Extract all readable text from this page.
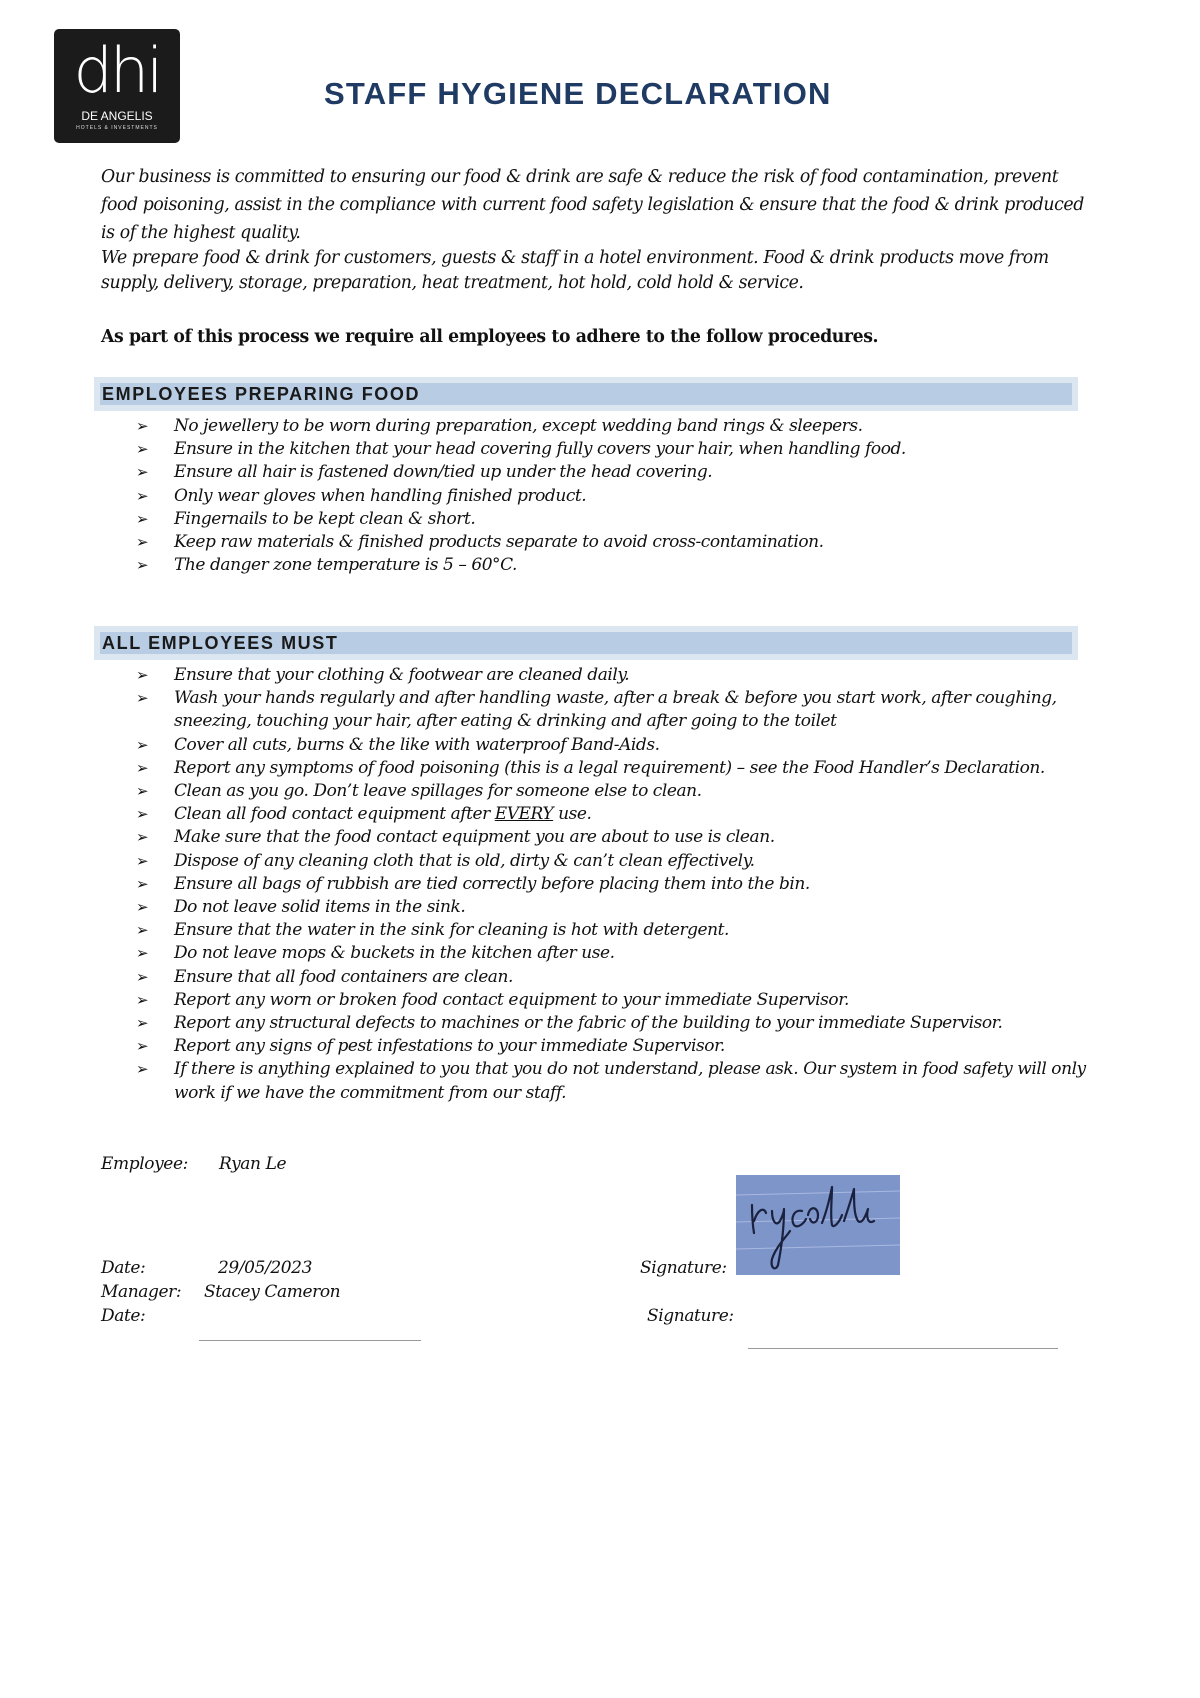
dhi
DE ANGELIS
HOTELS & INVESTMENTS
STAFF HYGIENE DECLARATION

Our business is committed to ensuring our food & drink are safe & reduce the risk of food contamination, prevent food poisoning, assist in the compliance with current food safety legislation & ensure that the food & drink produced is of the highest quality.

We prepare food & drink for customers, guests & staff in a hotel environment. Food & drink products move from supply, delivery, storage, preparation, heat treatment, hot hold, cold hold & service.

As part of this process we require all employees to adhere to the follow procedures.

EMPLOYEES PREPARING FOOD
➢ No jewellery to be worn during preparation, except wedding band rings & sleepers.
➢ Ensure in the kitchen that your head covering fully covers your hair, when handling food.
➢ Ensure all hair is fastened down/tied up under the head covering.
➢ Only wear gloves when handling finished product.
➢ Fingernails to be kept clean & short.
➢ Keep raw materials & finished products separate to avoid cross-contamination.
➢ The danger zone temperature is 5 – 60°C.
ALL EMPLOYEES MUST
➢ Ensure that your clothing & footwear are cleaned daily.
➢ Wash your hands regularly and after handling waste, after a break & before you start work, after coughing, sneezing, touching your hair, after eating & drinking and after going to the toilet
➢ Cover all cuts, burns & the like with waterproof Band-Aids.
➢ Report any symptoms of food poisoning (this is a legal requirement) – see the Food Handler’s Declaration.
➢ Clean as you go. Don’t leave spillages for someone else to clean.
➢ Clean all food contact equipment after EVERY use.
➢ Make sure that the food contact equipment you are about to use is clean.
➢ Dispose of any cleaning cloth that is old, dirty & can’t clean effectively.
➢ Ensure all bags of rubbish are tied correctly before placing them into the bin.
➢ Do not leave solid items in the sink.
➢ Ensure that the water in the sink for cleaning is hot with detergent.
➢ Do not leave mops & buckets in the kitchen after use.
➢ Ensure that all food containers are clean.
➢ Report any worn or broken food contact equipment to your immediate Supervisor.
➢ Report any structural defects to machines or the fabric of the building to your immediate Supervisor.
➢ Report any signs of pest infestations to your immediate Supervisor.
➢ If there is anything explained to you that you do not understand, please ask. Our system in food safety will only work if we have the commitment from our staff.

Employee: Ryan Le

Date:	29/05/2023	Signature:

Manager: Stacey Cameron

Date:	Signature:
